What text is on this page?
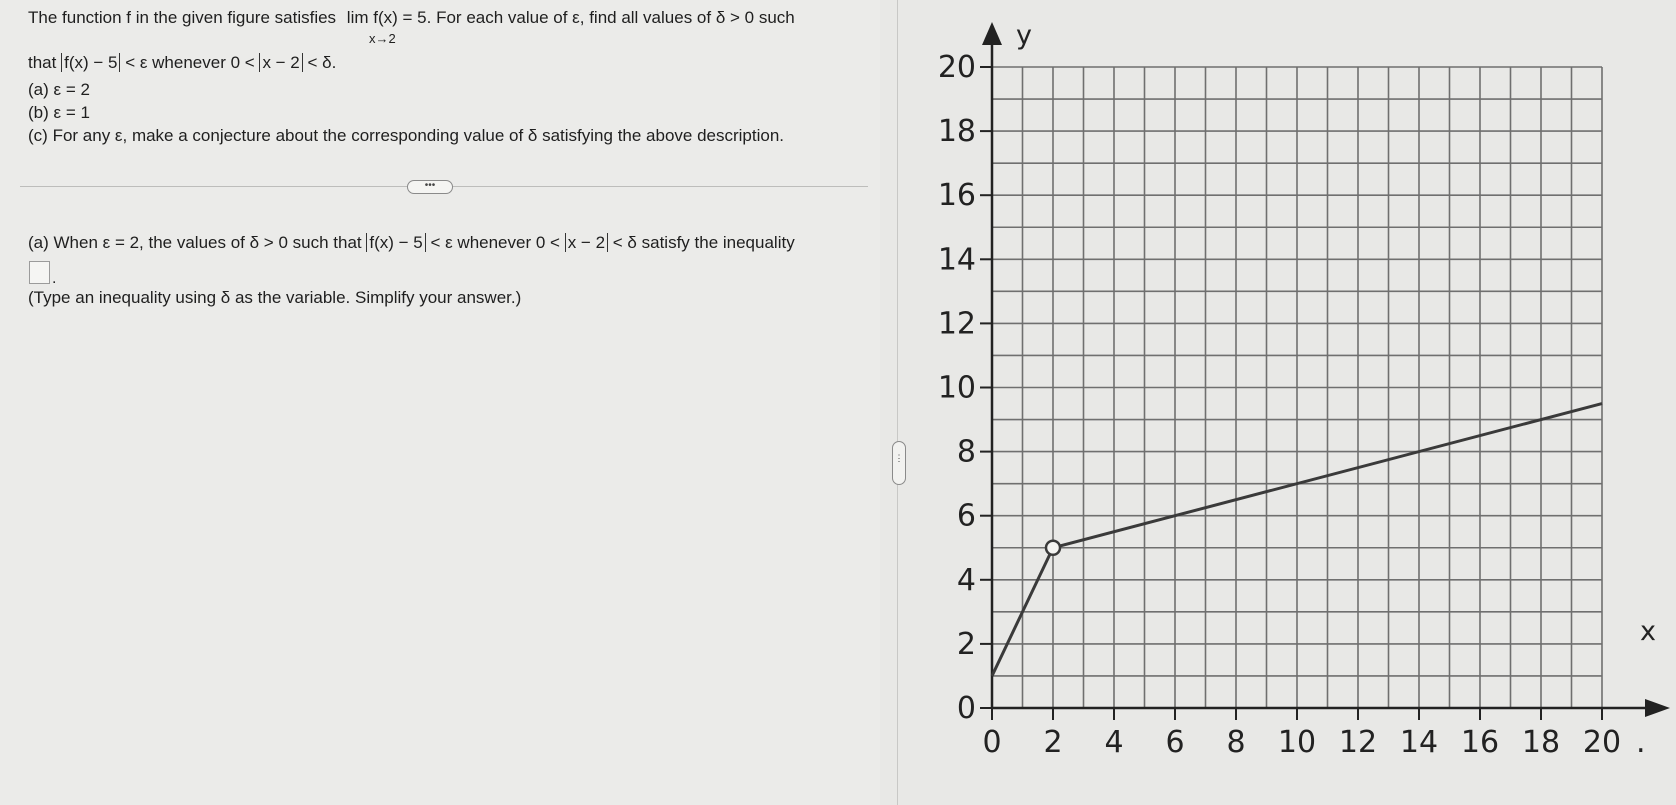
The function f in the given figure satisfies lim f(x) = 5. For each value of ε, find all values of δ > 0 such
x→2
that f(x) − 5 < ε whenever 0 < x − 2 < δ.
(a) ε = 2
(b) ε = 1
(c) For any ε, make a conjecture about the corresponding value of δ satisfying the above description.
•••
(a) When ε = 2, the values of δ > 0 such that f(x) − 5 < ε whenever 0 < x − 2 < δ satisfy the inequality
.
(Type an inequality using δ as the variable. Simplify your answer.)
⋮
0
2
4
6
8
10
12
14
16
18
20
0 2 4 6 8 10 12 14 16 18 20
x
y
.
